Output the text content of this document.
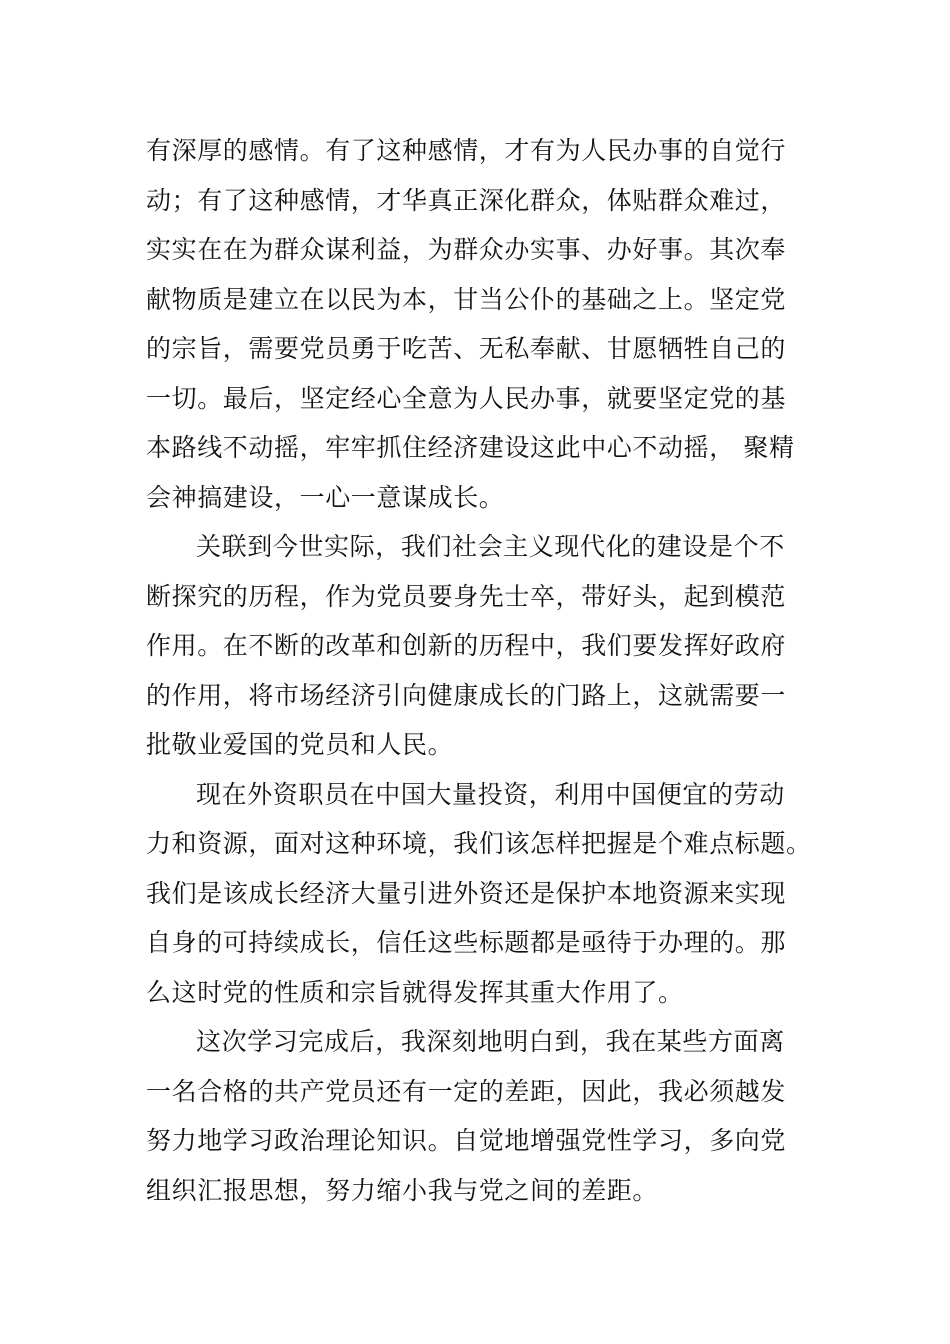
有深厚的感情。有了这种感情，才有为人民办事的自觉行
动；有了这种感情，才华真正深化群众，体贴群众难过，
实实在在为群众谋利益，为群众办实事、办好事。其次奉
献物质是建立在以民为本，甘当公仆的基础之上。坚定党
的宗旨，需要党员勇于吃苦、无私奉献、甘愿牺牲自己的
一切。最后，坚定经心全意为人民办事，就要坚定党的基
本路线不动摇，牢牢抓住经济建设这此中心不动摇， 聚精
会神搞建设，一心一意谋成长。
关联到今世实际，我们社会主义现代化的建设是个不
断探究的历程，作为党员要身先士卒，带好头，起到模范
作用。在不断的改革和创新的历程中，我们要发挥好政府
的作用，将市场经济引向健康成长的门路上，这就需要一
批敬业爱国的党员和人民。
现在外资职员在中国大量投资，利用中国便宜的劳动
力和资源，面对这种环境，我们该怎样把握是个难点标题。
我们是该成长经济大量引进外资还是保护本地资源来实现
自身的可持续成长，信任这些标题都是亟待于办理的。那
么这时党的性质和宗旨就得发挥其重大作用了。
这次学习完成后，我深刻地明白到，我在某些方面离
一名合格的共产党员还有一定的差距，因此，我必须越发
努力地学习政治理论知识。自觉地增强党性学习，多向党
组织汇报思想，努力缩小我与党之间的差距。
